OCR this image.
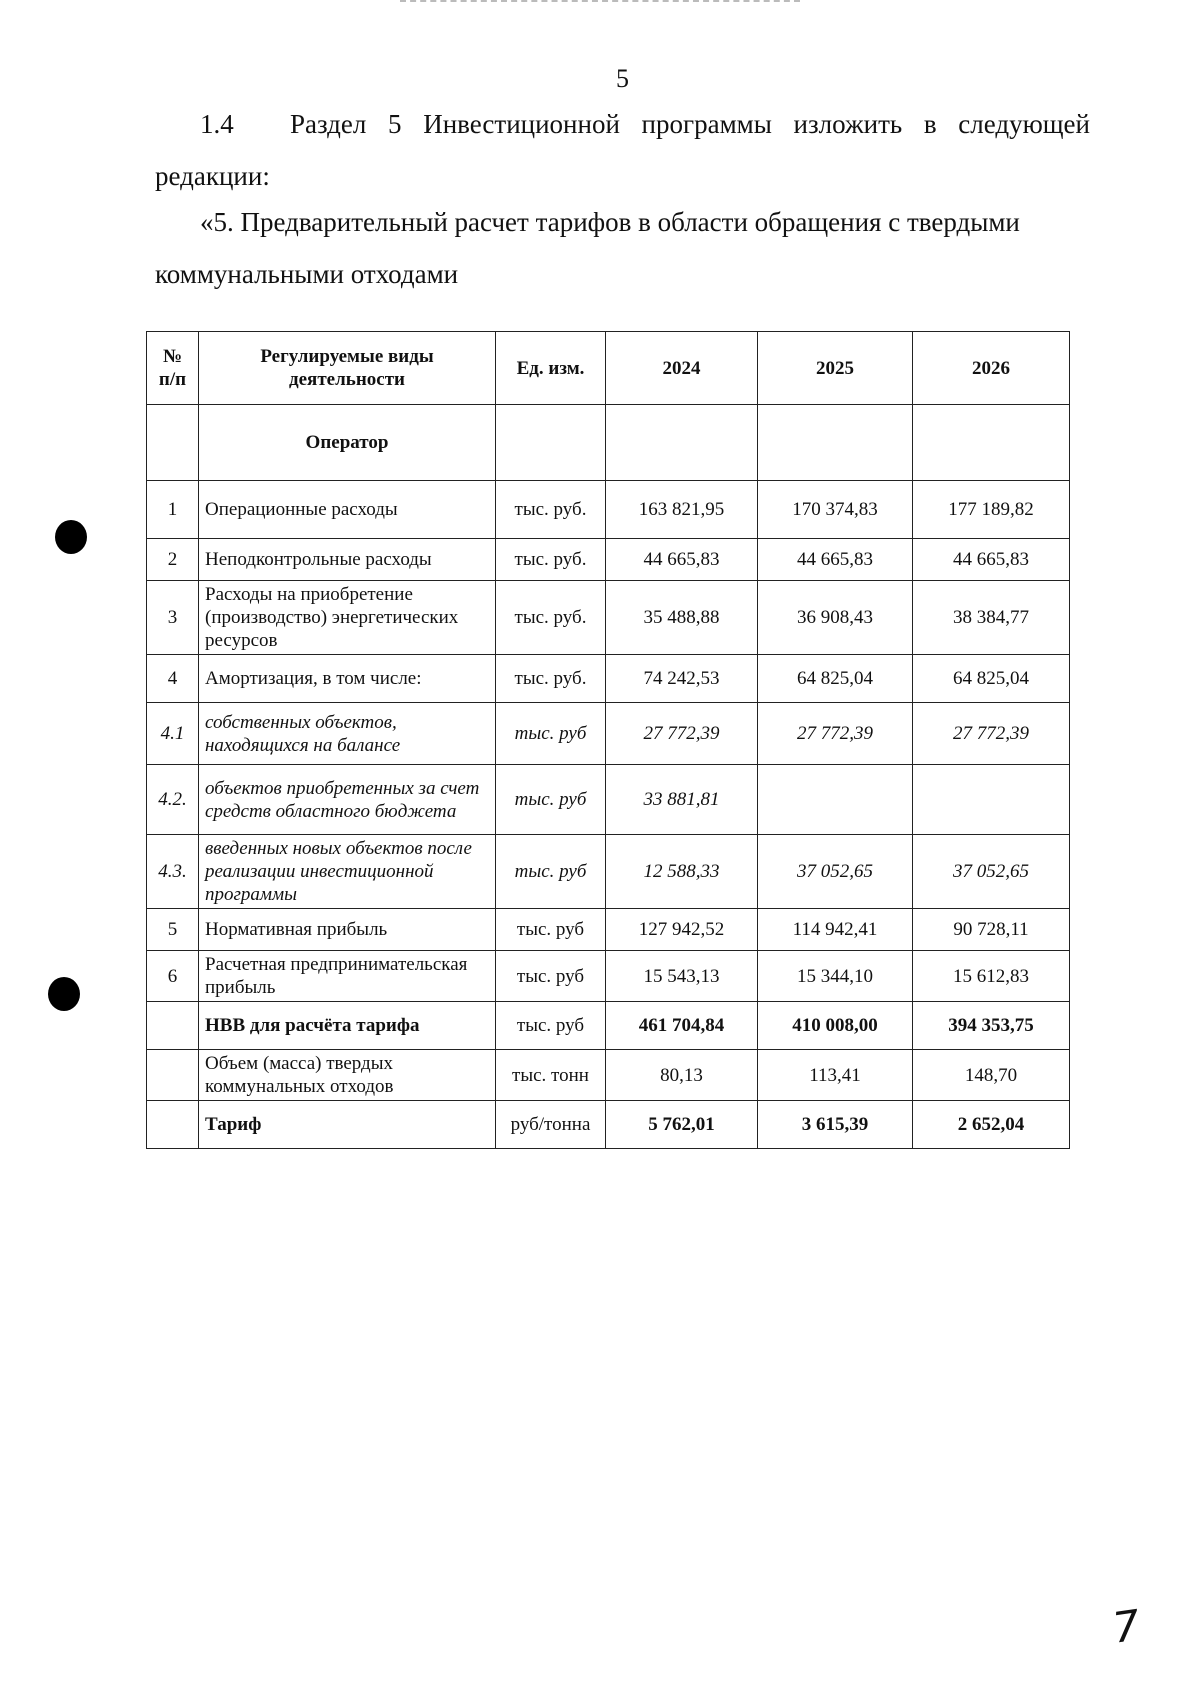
5
1.4	Раздел 5 Инвестиционной программы изложить в следующей
редакции:
«5. Предварительный расчет тарифов в области обращения с твердыми коммунальными отходами
№ п/п	Регулируемые виды деятельности	Ед. изм.	2024	2025	2026
	Оператор				
1	Операционные расходы	тыс. руб.	163 821,95	170 374,83	177 189,82
2	Неподконтрольные расходы	тыс. руб.	44 665,83	44 665,83	44 665,83
3	Расходы на приобретение (производство) энергетических ресурсов	тыс. руб.	35 488,88	36 908,43	38 384,77
4	Амортизация, в том числе:	тыс. руб.	74 242,53	64 825,04	64 825,04
4.1	собственных объектов, находящихся на балансе	тыс. руб	27 772,39	27 772,39	27 772,39
4.2.	объектов приобретенных за счет средств областного бюджета	тыс. руб	33 881,81		
4.3.	введенных новых объектов после реализации инвестиционной программы	тыс. руб	12 588,33	37 052,65	37 052,65
5	Нормативная прибыль	тыс. руб	127 942,52	114 942,41	90 728,11
6	Расчетная предпринимательская прибыль	тыс. руб	15 543,13	15 344,10	15 612,83
	НВВ для расчёта тарифа	тыс. руб	461 704,84	410 008,00	394 353,75
	Объем (масса) твердых коммунальных отходов	тыс. тонн	80,13	113,41	148,70
	Тариф	руб/тонна	5 762,01	3 615,39	2 652,04
7
